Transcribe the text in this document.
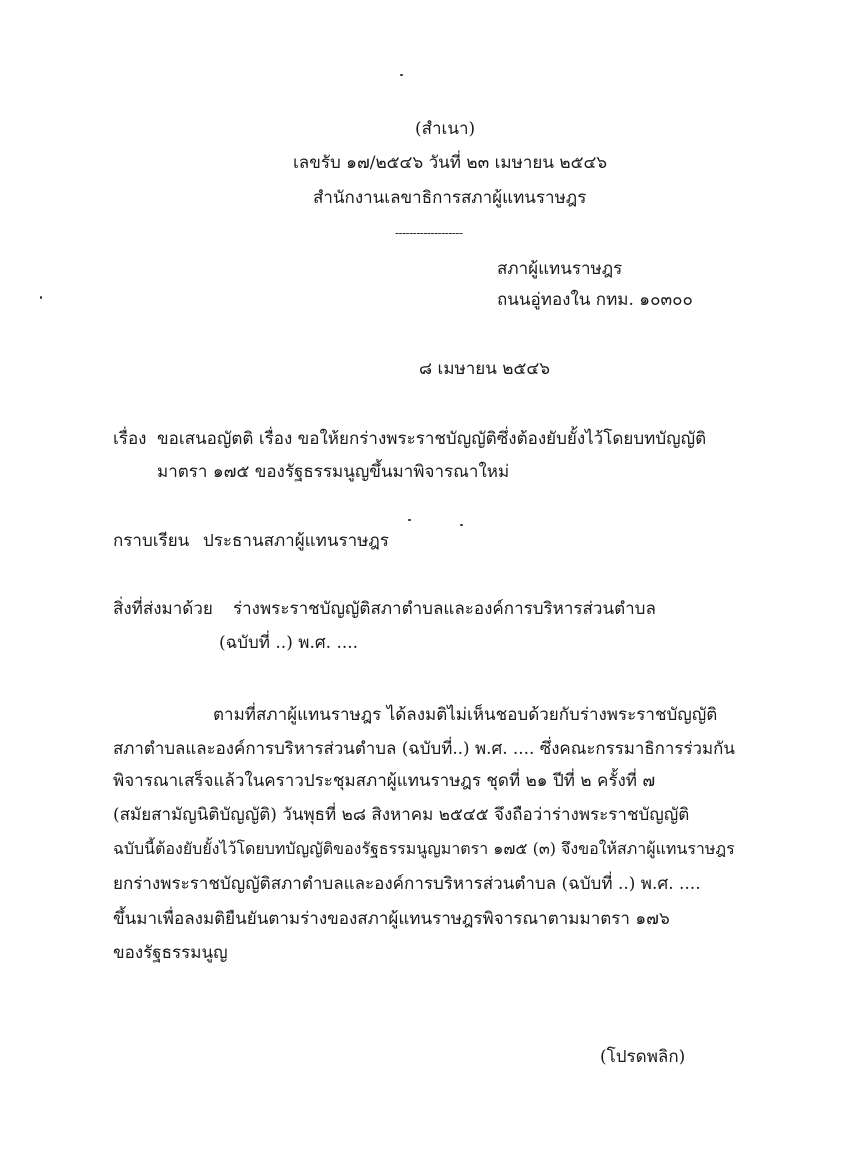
(สำเนา)
เลขรับ ๑๗/๒๕๔๖ วันที่ ๒๓ เมษายน ๒๕๔๖
สำนักงานเลขาธิการสภาผู้แทนราษฎร
-------------------
สภาผู้แทนราษฎร
ถนนอู่ทองใน กทม. ๑๐๓๐๐
๘ เมษายน ๒๕๔๖
เรื่อง ขอเสนอญัตติ เรื่อง ขอให้ยกร่างพระราชบัญญัติซึ่งต้องยับยั้งไว้โดยบทบัญญัติ
มาตรา ๑๗๕ ของรัฐธรรมนูญขึ้นมาพิจารณาใหม่
กราบเรียน ประธานสภาผู้แทนราษฎร
สิ่งที่ส่งมาด้วย ร่างพระราชบัญญัติสภาตำบลและองค์การบริหารส่วนตำบล
(ฉบับที่ ..) พ.ศ. ....
ตามที่สภาผู้แทนราษฎร ได้ลงมติไม่เห็นชอบด้วยกับร่างพระราชบัญญัติ
สภาตำบลและองค์การบริหารส่วนตำบล (ฉบับที่..) พ.ศ. .... ซึ่งคณะกรรมาธิการร่วมกัน
พิจารณาเสร็จแล้วในคราวประชุมสภาผู้แทนราษฎร ชุดที่ ๒๑ ปีที่ ๒ ครั้งที่ ๗
(สมัยสามัญนิติบัญญัติ) วันพุธที่ ๒๘ สิงหาคม ๒๕๔๕ จึงถือว่าร่างพระราชบัญญัติ
ฉบับนี้ต้องยับยั้งไว้โดยบทบัญญัติของรัฐธรรมนูญมาตรา ๑๗๕ (๓) จึงขอให้สภาผู้แทนราษฎร
ยกร่างพระราชบัญญัติสภาตำบลและองค์การบริหารส่วนตำบล (ฉบับที่ ..) พ.ศ. ....
ขึ้นมาเพื่อลงมติยืนยันตามร่างของสภาผู้แทนราษฎรพิจารณาตามมาตรา ๑๗๖
ของรัฐธรรมนูญ
(โปรดพลิก)
